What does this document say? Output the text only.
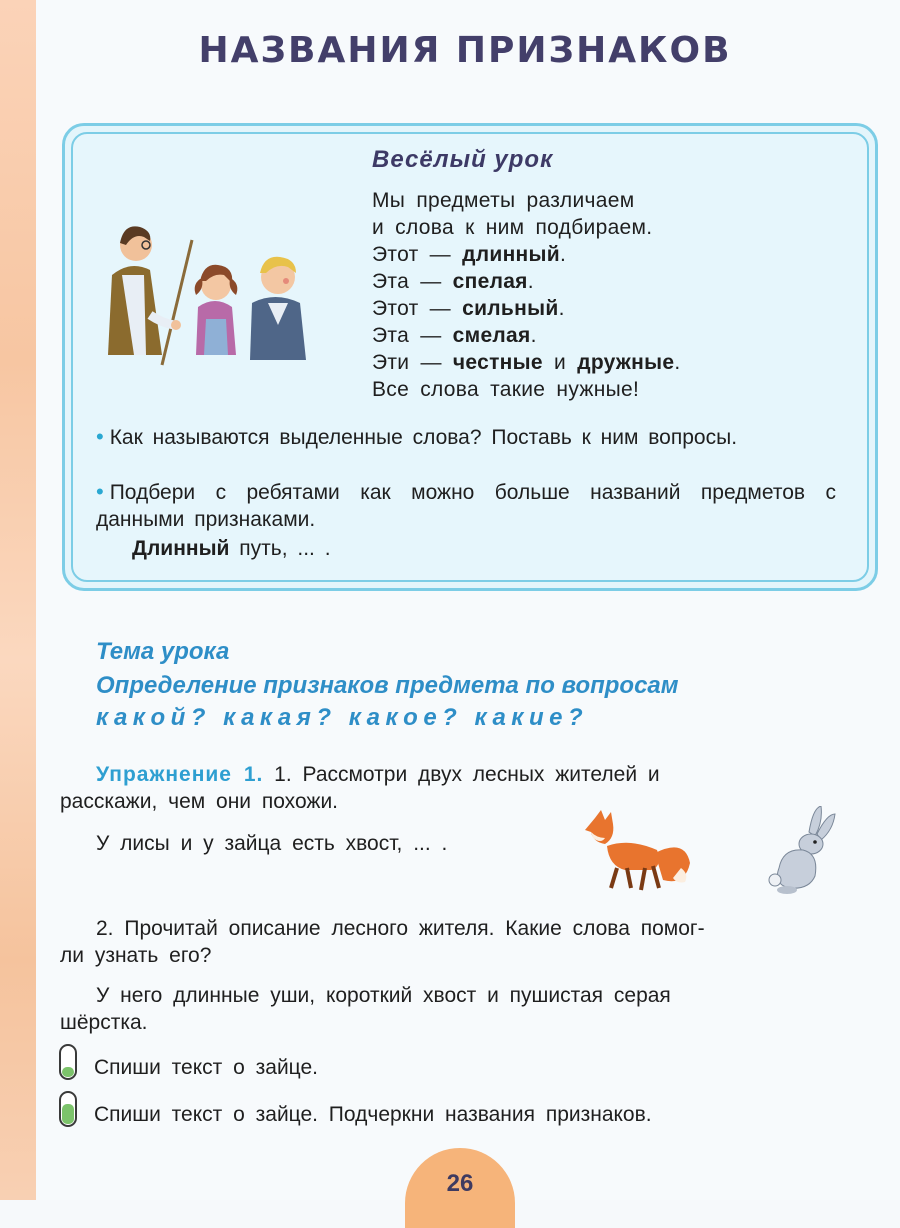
НАЗВАНИЯ ПРИЗНАКОВ
Весёлый урок
Мы предметы различаем
и слова к ним подбираем.
Этот — длинный.
Эта — спелая.
Этот — сильный.
Эта — смелая.
Эти — честные и дружные.
Все слова такие нужные!
• Как называются выделенные слова? Поставь к ним вопросы.
• Подбери с ребятами как можно больше названий предметов с данными признаками.
Длинный путь, ... .
Тема урока
Определение признаков предмета по вопросам
какой? какая? какое? какие?
Упражнение 1. 1. Рассмотри двух лесных жителей и
расскажи, чем они похожи.
У лисы и у зайца есть хвост, ... .
2. Прочитай описание лесного жителя. Какие слова помог-
ли узнать его?
У него длинные уши, короткий хвост и пушистая серая
шёрстка.
Спиши текст о зайце.
Спиши текст о зайце. Подчеркни названия признаков.
26
